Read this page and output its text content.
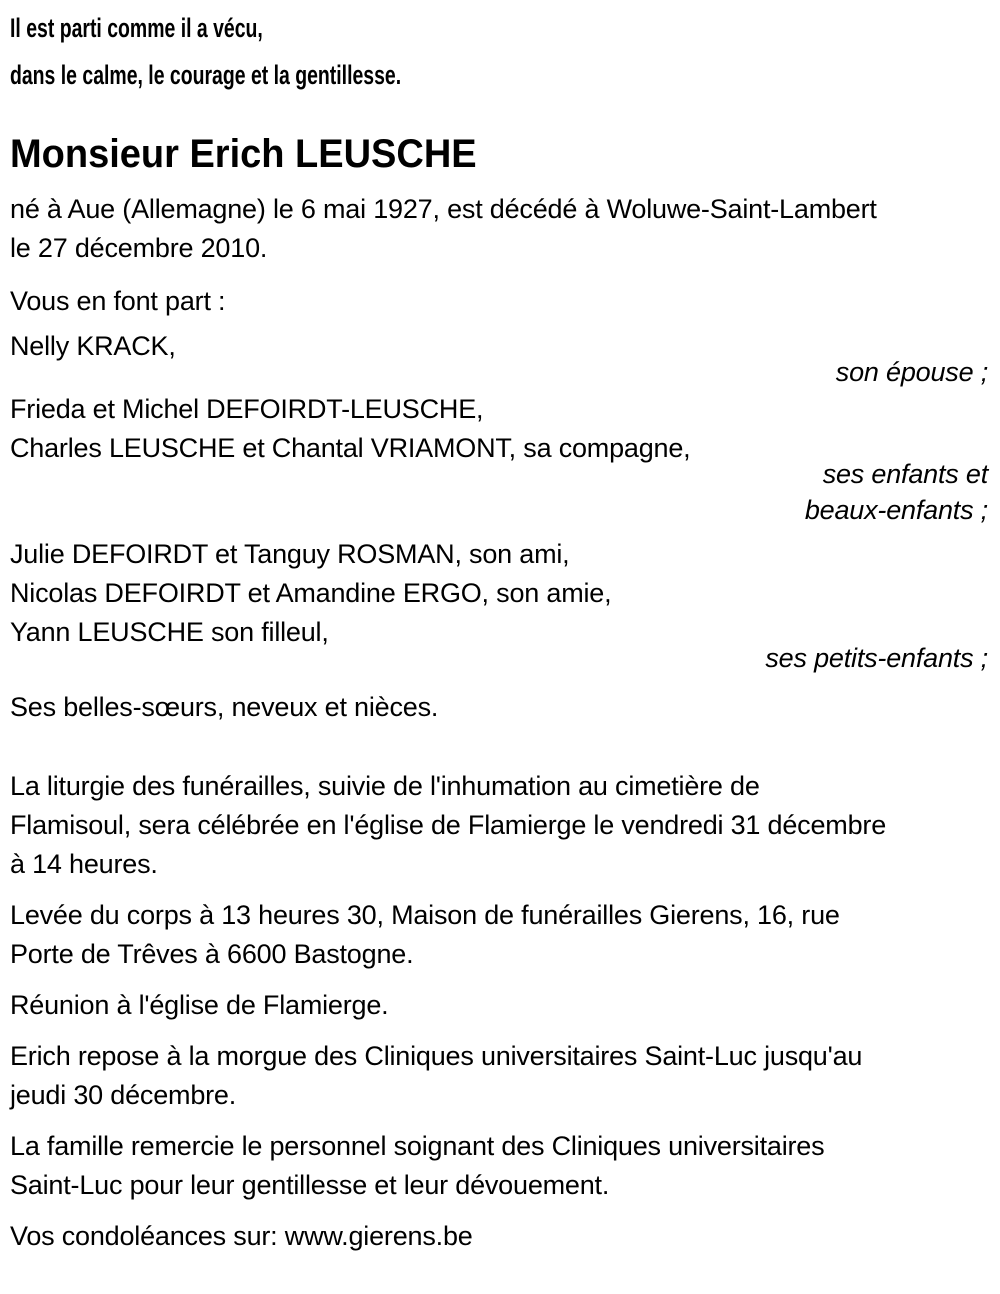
Il est parti comme il a vécu,
dans le calme, le courage et la gentillesse.
Monsieur Erich LEUSCHE
né à Aue (Allemagne) le 6 mai 1927, est décédé à Woluwe-Saint-Lambert
le 27 décembre 2010.
Vous en font part :
Nelly KRACK,
son épouse ;
Frieda et Michel DEFOIRDT-LEUSCHE,
Charles LEUSCHE et Chantal VRIAMONT, sa compagne,
ses enfants et
beaux-enfants ;
Julie DEFOIRDT et Tanguy ROSMAN, son ami,
Nicolas DEFOIRDT et Amandine ERGO, son amie,
Yann LEUSCHE son filleul,
ses petits-enfants ;
Ses belles-sœurs, neveux et nièces.
La liturgie des funérailles, suivie de l'inhumation au cimetière de
Flamisoul, sera célébrée en l'église de Flamierge le vendredi 31 décembre
à 14 heures.
Levée du corps à 13 heures 30, Maison de funérailles Gierens, 16, rue
Porte de Trêves à 6600 Bastogne.
Réunion à l'église de Flamierge.
Erich repose à la morgue des Cliniques universitaires Saint-Luc jusqu'au
jeudi 30 décembre.
La famille remercie le personnel soignant des Cliniques universitaires
Saint-Luc pour leur gentillesse et leur dévouement.
Vos condoléances sur: www.gierens.be
